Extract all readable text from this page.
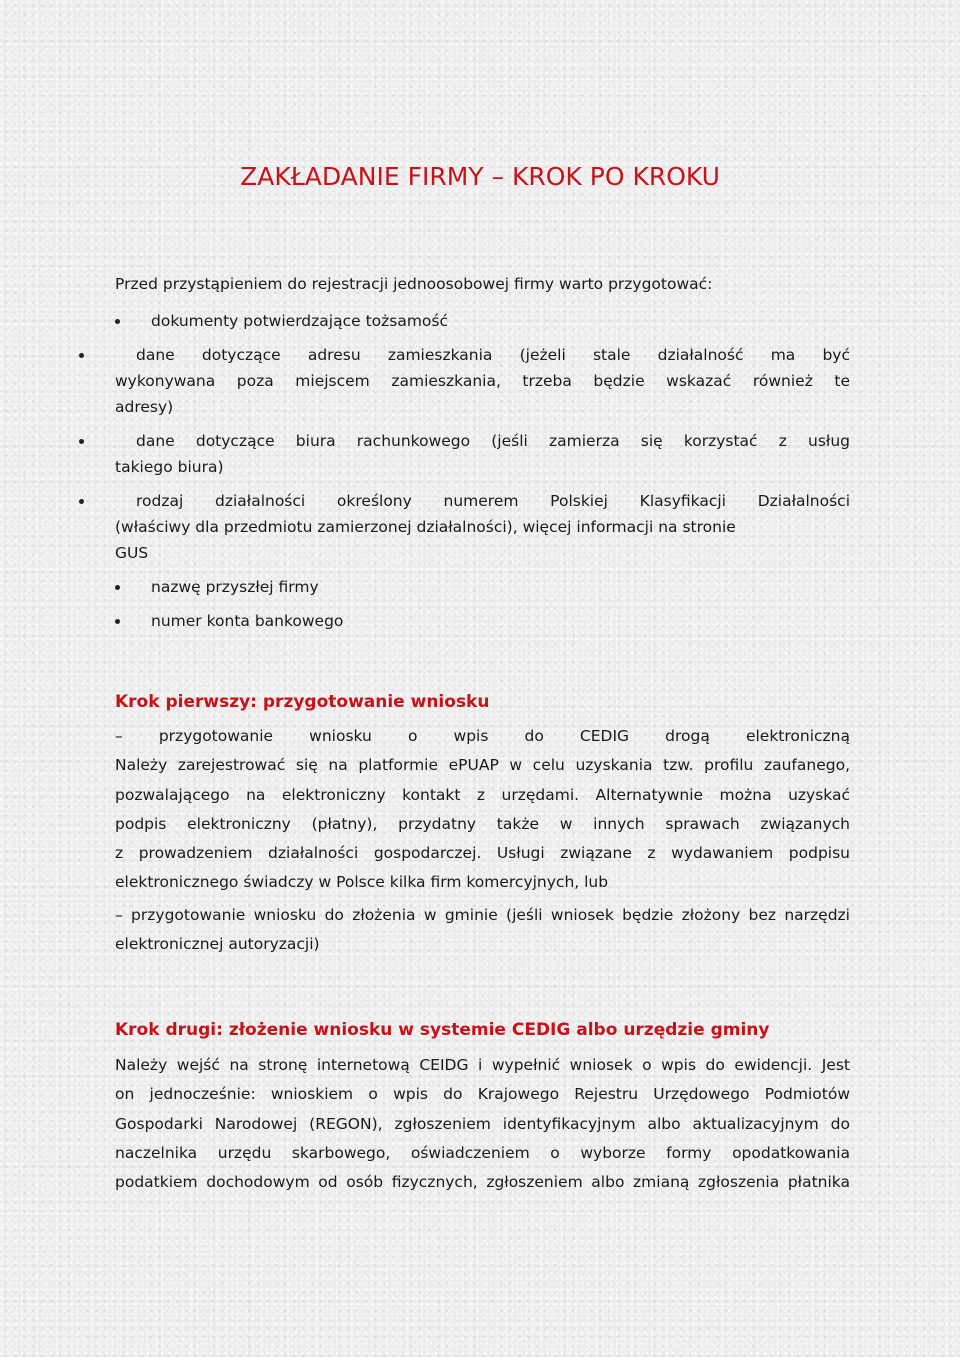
ZAKŁADANIE FIRMY – KROK PO KROKU

Przed przystąpieniem do rejestracji jednoosobowej firmy warto przygotować:

dokumenty potwierdzające tożsamość
dane dotyczące adresu zamieszkania (jeżeli stale działalność ma być
wykonywana poza miejscem zamieszkania, trzeba będzie wskazać również te
adresy)
dane dotyczące biura rachunkowego (jeśli zamierza się korzystać z usług
takiego biura)
rodzaj działalności określony numerem Polskiej Klasyfikacji Działalności
(właściwy dla przedmiotu zamierzonej działalności), więcej informacji na stronie
GUS
nazwę przyszłej firmy
numer konta bankowego
Krok pierwszy: przygotowanie wniosku

– przygotowanie wniosku o wpis do CEDIG drogą elektroniczną
Należy zarejestrować się na platformie ePUAP w celu uzyskania tzw. profilu zaufanego,
pozwalającego na elektroniczny kontakt z urzędami. Alternatywnie można uzyskać
podpis elektroniczny (płatny), przydatny także w innych sprawach związanych
z prowadzeniem działalności gospodarczej. Usługi związane z wydawaniem podpisu
elektronicznego świadczy w Polsce kilka firm komercyjnych, lub

– przygotowanie wniosku do złożenia w gminie (jeśli wniosek będzie złożony bez narzędzi
elektronicznej autoryzacji)

Krok drugi: złożenie wniosku w systemie CEDIG albo urzędzie gminy

Należy wejść na stronę internetową CEIDG i wypełnić wniosek o wpis do ewidencji. Jest
on jednocześnie: wnioskiem o wpis do Krajowego Rejestru Urzędowego Podmiotów
Gospodarki Narodowej (REGON), zgłoszeniem identyfikacyjnym albo aktualizacyjnym do
naczelnika urzędu skarbowego, oświadczeniem o wyborze formy opodatkowania
podatkiem dochodowym od osób fizycznych, zgłoszeniem albo zmianą zgłoszenia płatnika
